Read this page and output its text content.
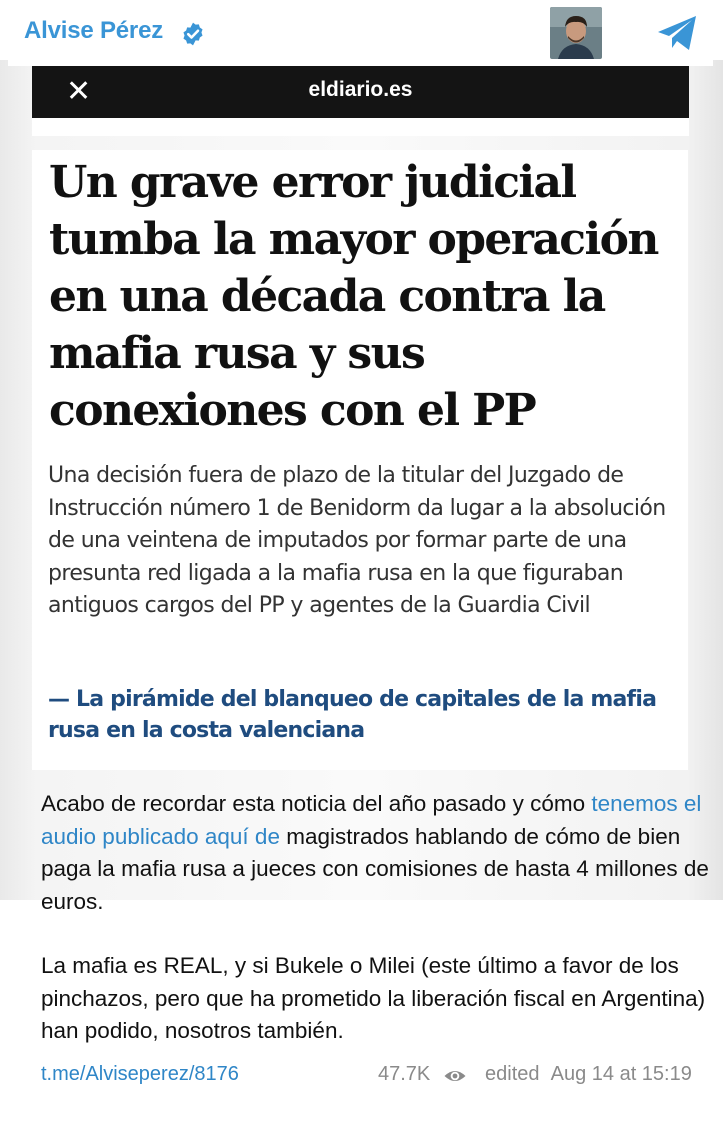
Alvise Pérez
✕	eldiario.es
Un grave error judicial tumba la mayor operación en una década contra la mafia rusa y sus conexiones con el PP
Una decisión fuera de plazo de la titular del Juzgado de Instrucción número 1 de Benidorm da lugar a la absolución de una veintena de imputados por formar parte de una presunta red ligada a la mafia rusa en la que figuraban antiguos cargos del PP y agentes de la Guardia Civil
— La pirámide del blanqueo de capitales de la mafia rusa en la costa valenciana

Acabo de recordar esta noticia del año pasado y cómo tenemos el audio publicado aquí de magistrados hablando de cómo de bien paga la mafia rusa a jueces con comisiones de hasta 4 millones de euros.

La mafia es REAL, y si Bukele o Milei (este último a favor de los pinchazos, pero que ha prometido la liberación fiscal en Argentina) han podido, nosotros también.

t.me/Alviseperez/8176	47.7K	edited Aug 14 at 15:19
